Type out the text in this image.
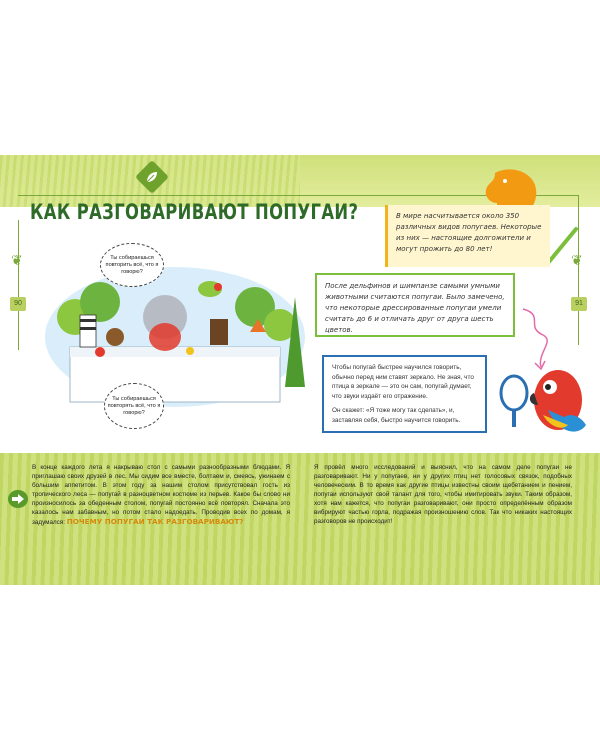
КАК РАЗГОВАРИВАЮТ ПОПУГАИ?
❦	❦
90	91
В мире насчитывается около 350 различных видов попугаев. Некоторые из них — настоящие долгожители и могут прожить до 80 лет!
После дельфинов и шимпанзе самыми умными животными считаются попугаи. Было замечено, что некоторые дрессированные попугаи умели считать до 6 и отличать друг от друга шесть цветов.

Чтобы попугай быстрее научился говорить, обычно перед ним ставят зеркало. Не зная, что птица в зеркале — это он сам, попугай думает, что звуки издаёт его отражение.

Он скажет: «Я тоже могу так сделать», и, заставляя себя, быстро научится говорить.

Ты собираешься повторить всё, что я говорю?
Ты собираешься повторять всё, что я говорю?
В конце каждого лета я накрываю стол с самыми разнообразными блюдами. Я приглашаю своих друзей в лес. Мы сидим все вместе, болтаем и, смеясь, ужинаем с большим аппетитом. В этом году за нашим столом присутствовал гость из тропического леса — попугай в разноцветном костюме из перьев. Какое бы слово ни произносилось за обеденным столом, попугай постоянно всё повторял. Сначала это казалось нам забавным, но потом стало надоедать. Проводив всех по домам, я задумался: ПОЧЕМУ ПОПУГАИ ТАК РАЗГОВАРИВАЮТ?
Я провёл много исследований и выяснил, что на самом деле попугаи не разговаривают. Ни у попугаев, ни у других птиц нет голосовых связок, подобных человеческим. В то время как другие птицы известны своим щебетанием и пением, попугаи используют свой талант для того, чтобы имитировать звуки. Таким образом, хотя нам кажется, что попугаи разговаривают, они просто определённым образом вибрируют частью горла, подражая произношению слов. Так что никаких настоящих разговоров не происходит!
